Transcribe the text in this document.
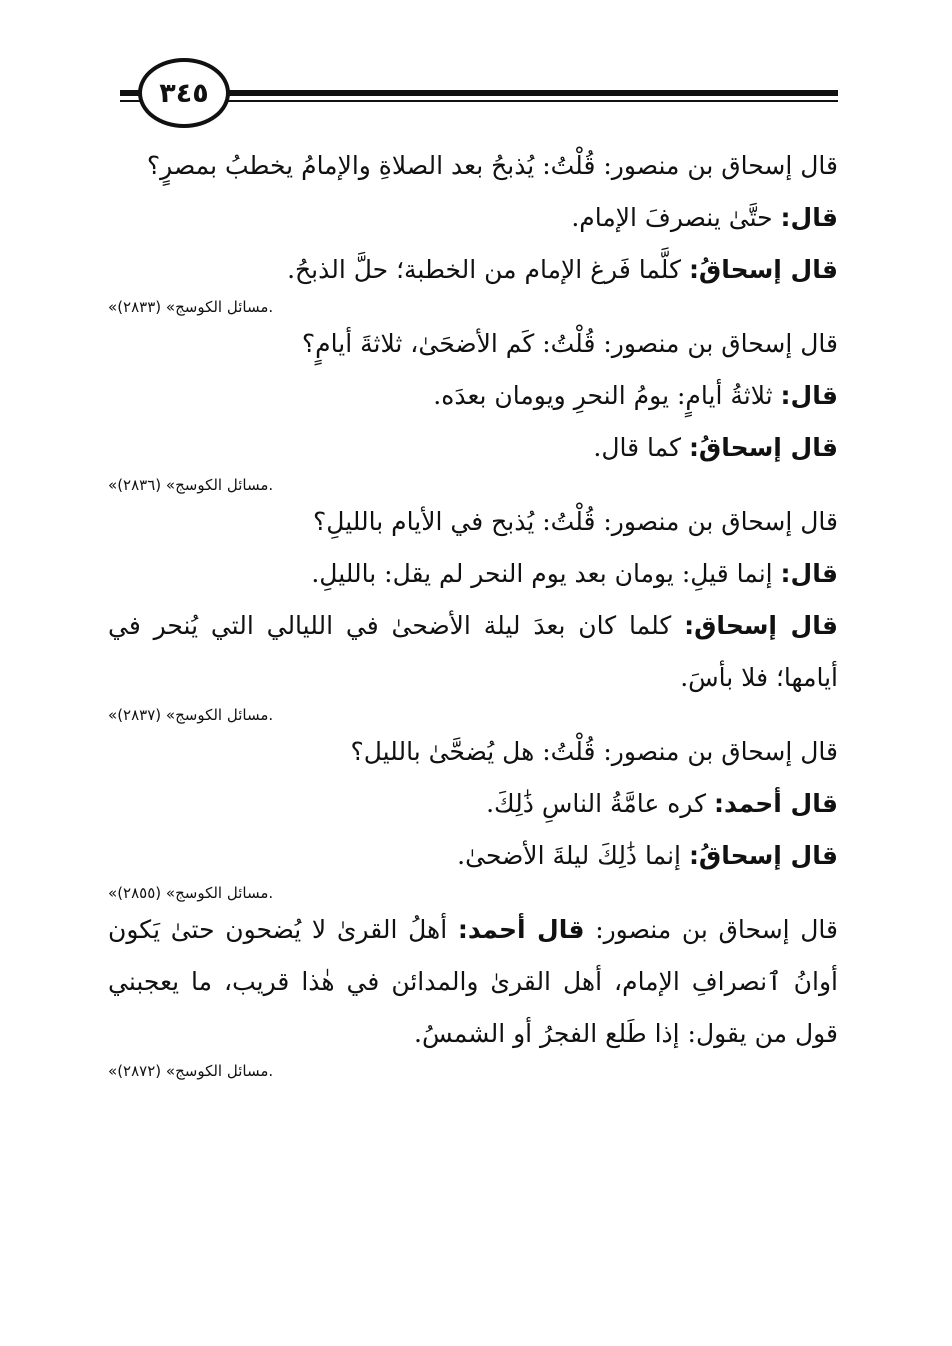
٣٤٥

قال إسحاق بن منصور: قُلْتُ: يُذبحُ بعد الصلاةِ والإمامُ يخطبُ بمصرٍ؟

قال: حتَّىٰ ينصرفَ الإمام.

قال إسحاقُ: كلَّما فَرغ الإمام من الخطبة؛ حلَّ الذبحُ.

«مسائل الكوسج» (٢٨٣٣).

قال إسحاق بن منصور: قُلْتُ: كَم الأضحَىٰ، ثلاثةَ أيامٍ؟

قال: ثلاثةُ أيامٍ: يومُ النحرِ ويومان بعدَه.

قال إسحاقُ: كما قال.

«مسائل الكوسج» (٢٨٣٦).

قال إسحاق بن منصور: قُلْتُ: يُذبح في الأيام بالليلِ؟

قال: إنما قيلِ: يومان بعد يوم النحر لم يقل: بالليلِ.

قال إسحاق: كلما كان بعدَ ليلة الأضحىٰ في الليالي التي يُنحر في أيامها؛ فلا بأسَ.

«مسائل الكوسج» (٢٨٣٧).

قال إسحاق بن منصور: قُلْتُ: هل يُضحَّىٰ بالليل؟

قال أحمد: كره عامَّةُ الناسِ ذَٰلِكَ.

قال إسحاقُ: إنما ذَٰلِكَ ليلةَ الأضحىٰ.

«مسائل الكوسج» (٢٨٥٥).

قال إسحاق بن منصور: قال أحمد: أهلُ القرىٰ لا يُضحون حتىٰ يَكون أوانُ ٱنصرافِ الإمام، أهل القرىٰ والمدائن في هٰذا قريب، ما يعجبني قول من يقول: إذا طَلع الفجرُ أو الشمسُ.

«مسائل الكوسج» (٢٨٧٢).
